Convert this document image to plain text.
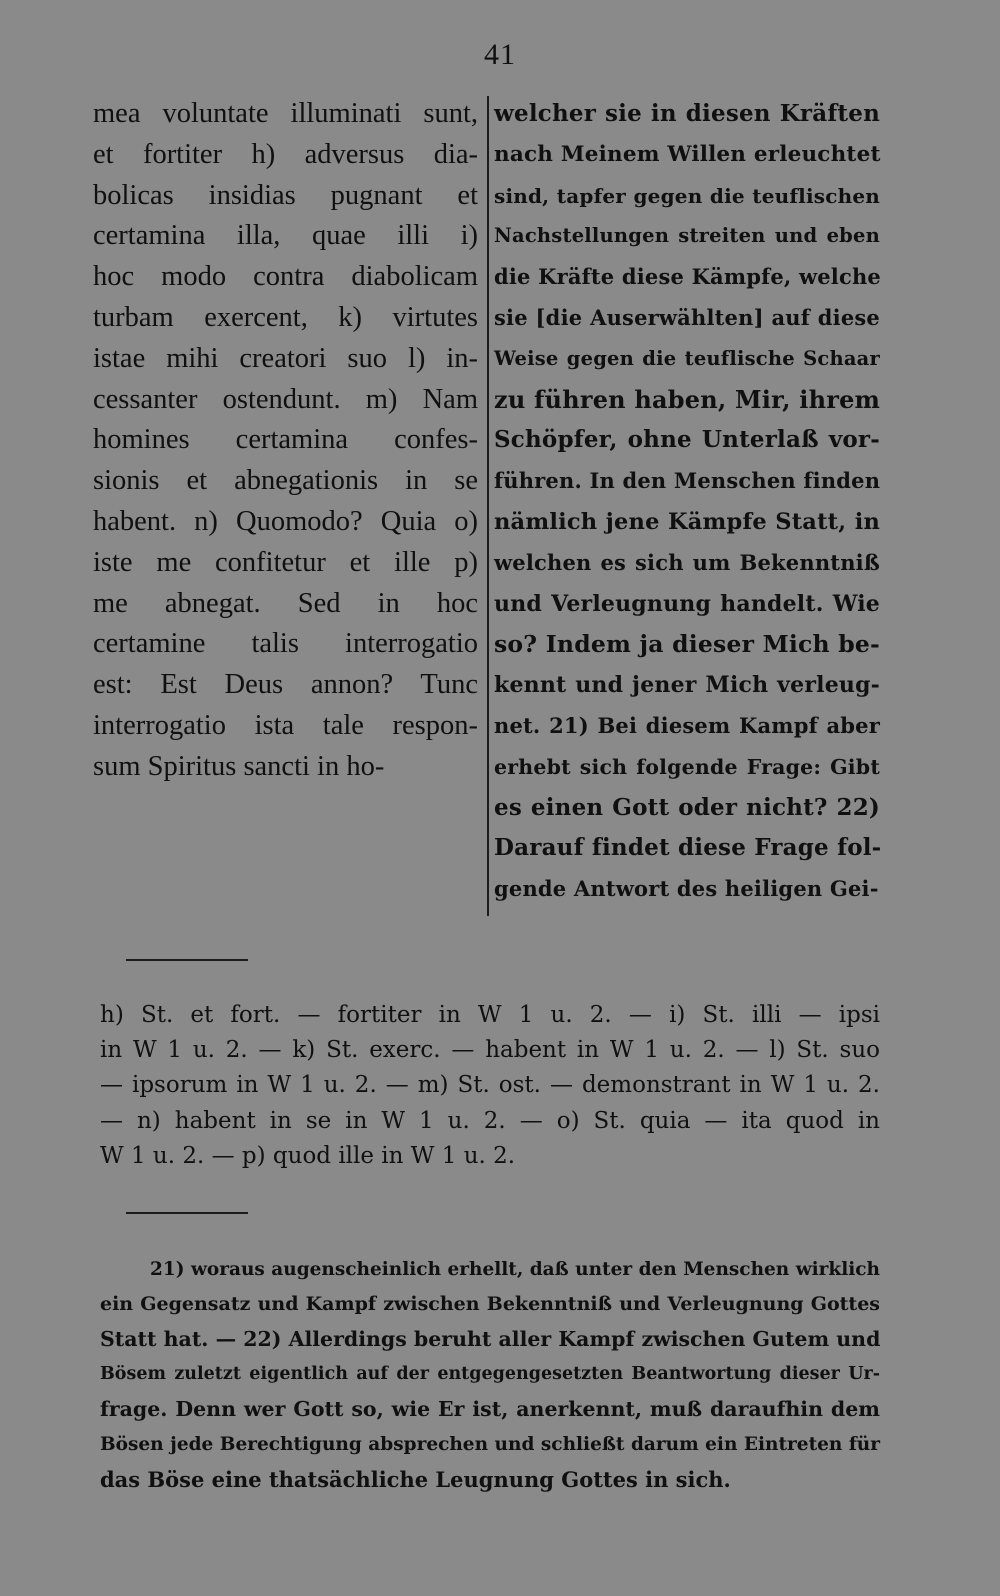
41
mea voluntate illuminati sunt,
et fortiter h) adversus dia-
bolicas insidias pugnant et
certamina illa, quae illi i)
hoc modo contra diabolicam
turbam exercent, k) virtutes
istae mihi creatori suo l) in-
cessanter ostendunt. m) Nam
homines certamina confes-
sionis et abnegationis in se
habent. n) Quomodo? Quia o)
iste me confitetur et ille p)
me abnegat. Sed in hoc
certamine talis interrogatio
est: Est Deus annon? Tunc
interrogatio ista tale respon-
sum Spiritus sancti in ho-
welcher sie in diesen Kräften
nach Meinem Willen erleuchtet
sind, tapfer gegen die teuflischen
Nachstellungen streiten und eben
die Kräfte diese Kämpfe, welche
sie [die Auserwählten] auf diese
Weise gegen die teuflische Schaar
zu führen haben, Mir, ihrem
Schöpfer, ohne Unterlaß vor-
führen. In den Menschen finden
nämlich jene Kämpfe Statt, in
welchen es sich um Bekenntniß
und Verleugnung handelt. Wie
so? Indem ja dieser Mich be-
kennt und jener Mich verleug-
net. 21) Bei diesem Kampf aber
erhebt sich folgende Frage: Gibt
es einen Gott oder nicht? 22)
Darauf findet diese Frage fol-
gende Antwort des heiligen Gei-
h) St. et fort. — fortiter in W 1 u. 2. — i) St. illi — ipsi
in W 1 u. 2. — k) St. exerc. — habent in W 1 u. 2. — l) St. suo
— ipsorum in W 1 u. 2. — m) St. ost. — demonstrant in W 1 u. 2.
— n) habent in se in W 1 u. 2. — o) St. quia — ita quod in
W 1 u. 2. — p) quod ille in W 1 u. 2.
21) woraus augenscheinlich erhellt, daß unter den Menschen wirklich
ein Gegensatz und Kampf zwischen Bekenntniß und Verleugnung Gottes
Statt hat. — 22) Allerdings beruht aller Kampf zwischen Gutem und
Bösem zuletzt eigentlich auf der entgegengesetzten Beantwortung dieser Ur-
frage. Denn wer Gott so, wie Er ist, anerkennt, muß daraufhin dem
Bösen jede Berechtigung absprechen und schließt darum ein Eintreten für
das Böse eine thatsächliche Leugnung Gottes in sich.
